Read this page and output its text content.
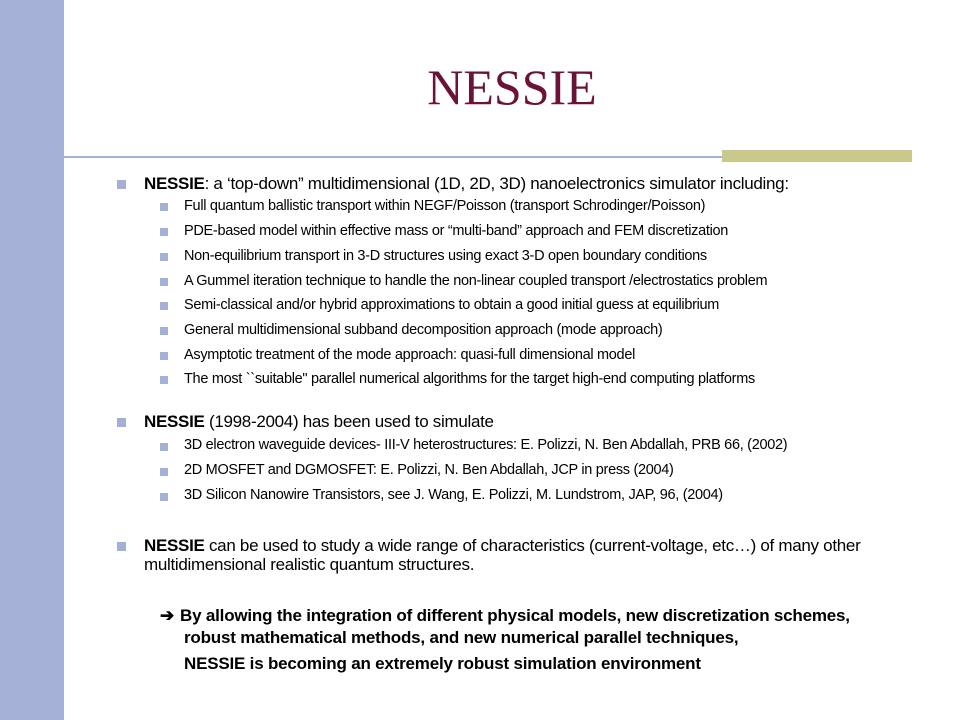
NESSIE
NESSIE: a ‘top-down” multidimensional (1D, 2D, 3D) nanoelectronics simulator including:
Full quantum ballistic transport within NEGF/Poisson (transport Schrodinger/Poisson)
PDE-based model within effective mass or “multi-band” approach and FEM discretization
Non-equilibrium transport in 3-D structures using exact 3-D open boundary conditions
A Gummel iteration technique to handle the non-linear coupled transport /electrostatics problem
Semi-classical and/or hybrid approximations to obtain a good initial guess at equilibrium
General multidimensional subband decomposition approach (mode approach)
Asymptotic treatment of the mode approach: quasi-full dimensional model
The most ``suitable" parallel numerical algorithms for the target high-end computing platforms
NESSIE (1998-2004) has been used to simulate
3D electron waveguide devices- III-V heterostructures: E. Polizzi, N. Ben Abdallah, PRB 66, (2002)
2D MOSFET and DGMOSFET: E. Polizzi, N. Ben Abdallah, JCP in press (2004)
3D Silicon Nanowire Transistors, see J. Wang, E. Polizzi, M. Lundstrom, JAP, 96, (2004)
NESSIE can be used to study a wide range of characteristics (current-voltage, etc…) of many other multidimensional realistic quantum structures.
➔ By allowing the integration of different physical models, new discretization schemes,
robust mathematical methods, and new numerical parallel techniques,
NESSIE is becoming an extremely robust simulation environment
